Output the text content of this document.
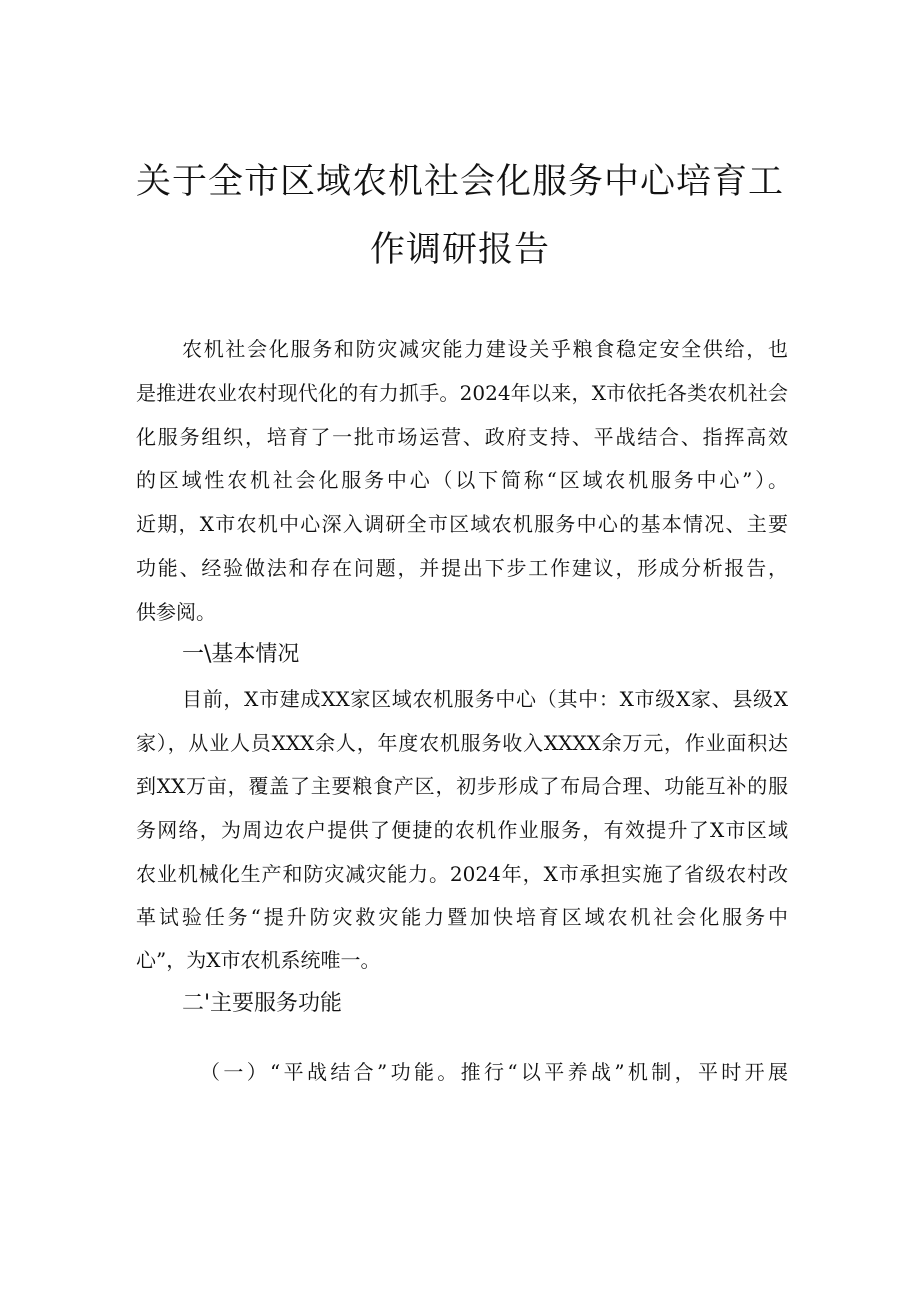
关于全市区域农机社会化服务中心培育工
作调研报告
农机社会化服务和防灾减灾能力建设关乎粮食稳定安全供给，也
是推进农业农村现代化的有力抓手。2024年以来，X市依托各类农机社会
化服务组织，培育了一批市场运营、政府支持、平战结合、指挥高效
的区域性农机社会化服务中心（以下简称“区域农机服务中心”）。
近期，X市农机中心深入调研全市区域农机服务中心的基本情况、主要
功能、经验做法和存在问题，并提出下步工作建议，形成分析报告，
供参阅。
一\基本情况
目前，X市建成XX家区域农机服务中心（其中：X市级X家、县级X
家），从业人员XXX余人，年度农机服务收入XXXX余万元，作业面积达
到XX万亩，覆盖了主要粮食产区，初步形成了布局合理、功能互补的服
务网络，为周边农户提供了便捷的农机作业服务，有效提升了X市区域
农业机械化生产和防灾减灾能力。2024年，X市承担实施了省级农村改
革试验任务“提升防灾救灾能力暨加快培育区域农机社会化服务中
心”，为X市农机系统唯一。
二'主要服务功能
（一）“平战结合”功能。推行“以平养战”机制，平时开展
